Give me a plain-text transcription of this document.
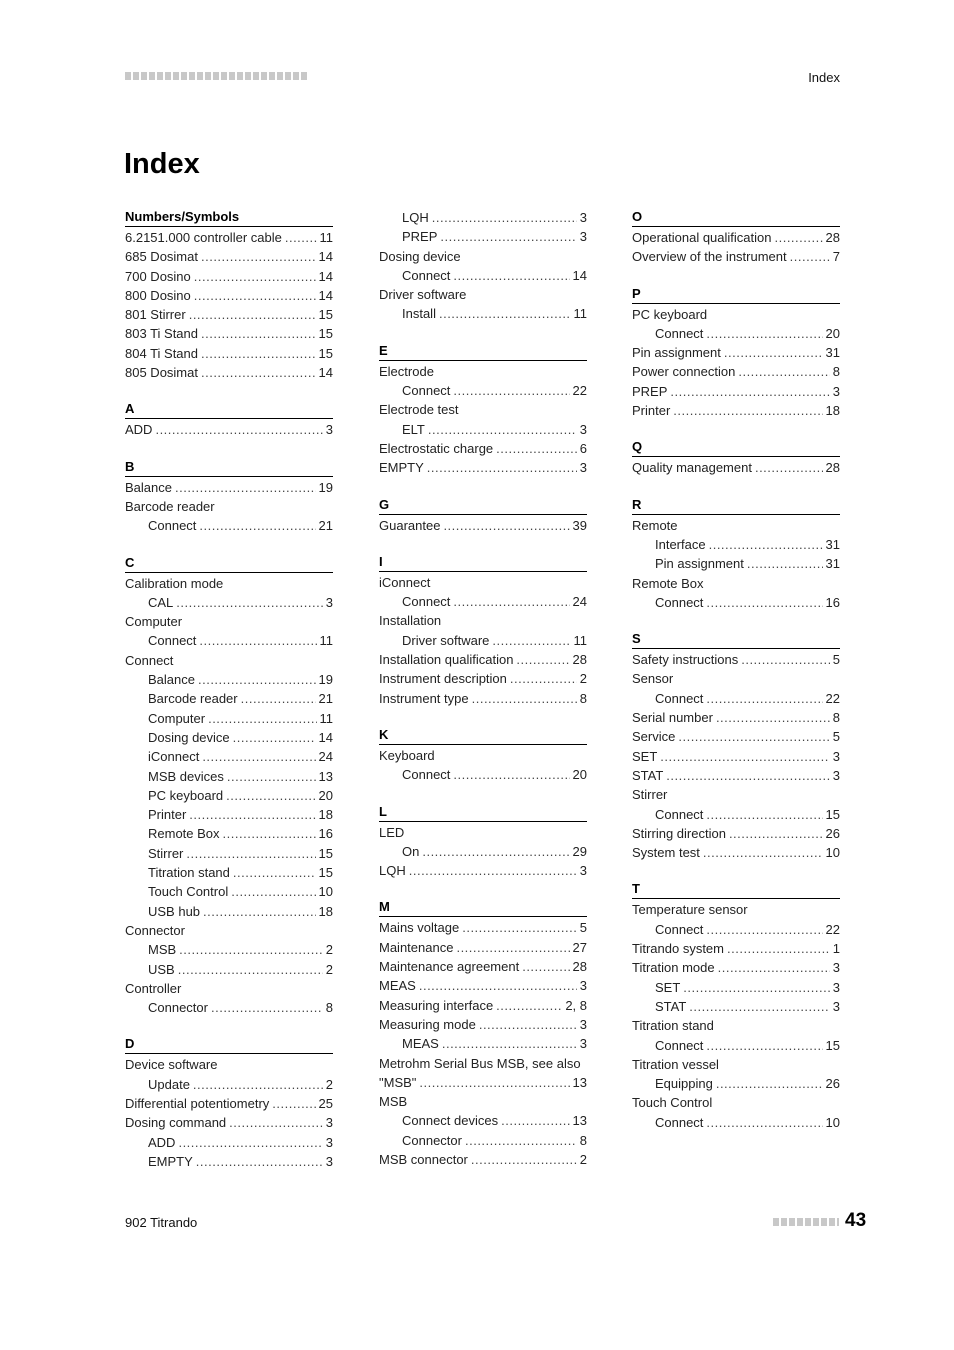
Index
Index
Numbers/Symbols
6.2151.000 controller cable .....	11
685 Dosimat .....	14
700 Dosino .....	14
800 Dosino .....	14
801 Stirrer .....	15
803 Ti Stand .....	15
804 Ti Stand .....	15
805 Dosimat .....	14
A
ADD .....	3
B
Balance .....	19
Barcode reader
Connect .....	21
C
Calibration mode
CAL .....	3
Computer
Connect .....	11
Connect
Balance .....	19
Barcode reader .....	21
Computer .....	11
Dosing device .....	14
iConnect .....	24
MSB devices .....	13
PC keyboard .....	20
Printer .....	18
Remote Box .....	16
Stirrer .....	15
Titration stand .....	15
Touch Control .....	10
USB hub .....	18
Connector
MSB .....	2
USB .....	2
Controller
Connector .....	8
D
Device software
Update .....	2
Differential potentiometry .....	25
Dosing command .....	3
ADD .....	3
EMPTY .....	3
LQH .....	3
PREP .....	3
Dosing device
Connect .....	14
Driver software
Install .....	11
E
Electrode
Connect .....	22
Electrode test
ELT .....	3
Electrostatic charge .....	6
EMPTY .....	3
G
Guarantee .....	39
I
iConnect
Connect .....	24
Installation
Driver software .....	11
Installation qualification .....	28
Instrument description .....	2
Instrument type .....	8
K
Keyboard
Connect .....	20
L
LED
On .....	29
LQH .....	3
M
Mains voltage .....	5
Maintenance .....	27
Maintenance agreement .....	28
MEAS .....	3
Measuring interface .....	2, 8
Measuring mode .....	3
MEAS .....	3
Metrohm Serial Bus MSB, see also
"MSB" .....	13
MSB
Connect devices .....	13
Connector .....	8
MSB connector .....	2
O
Operational qualification .....	28
Overview of the instrument .....	7
P
PC keyboard
Connect .....	20
Pin assignment .....	31
Power connection .....	8
PREP .....	3
Printer .....	18
Q
Quality management .....	28
R
Remote
Interface .....	31
Pin assignment .....	31
Remote Box
Connect .....	16
S
Safety instructions .....	5
Sensor
Connect .....	22
Serial number .....	8
Service .....	5
SET .....	3
STAT .....	3
Stirrer
Connect .....	15
Stirring direction .....	26
System test .....	10
T
Temperature sensor
Connect .....	22
Titrando system .....	1
Titration mode .....	3
SET .....	3
STAT .....	3
Titration stand
Connect .....	15
Titration vessel
Equipping .....	26
Touch Control
Connect .....	10
902 Titrando	43
